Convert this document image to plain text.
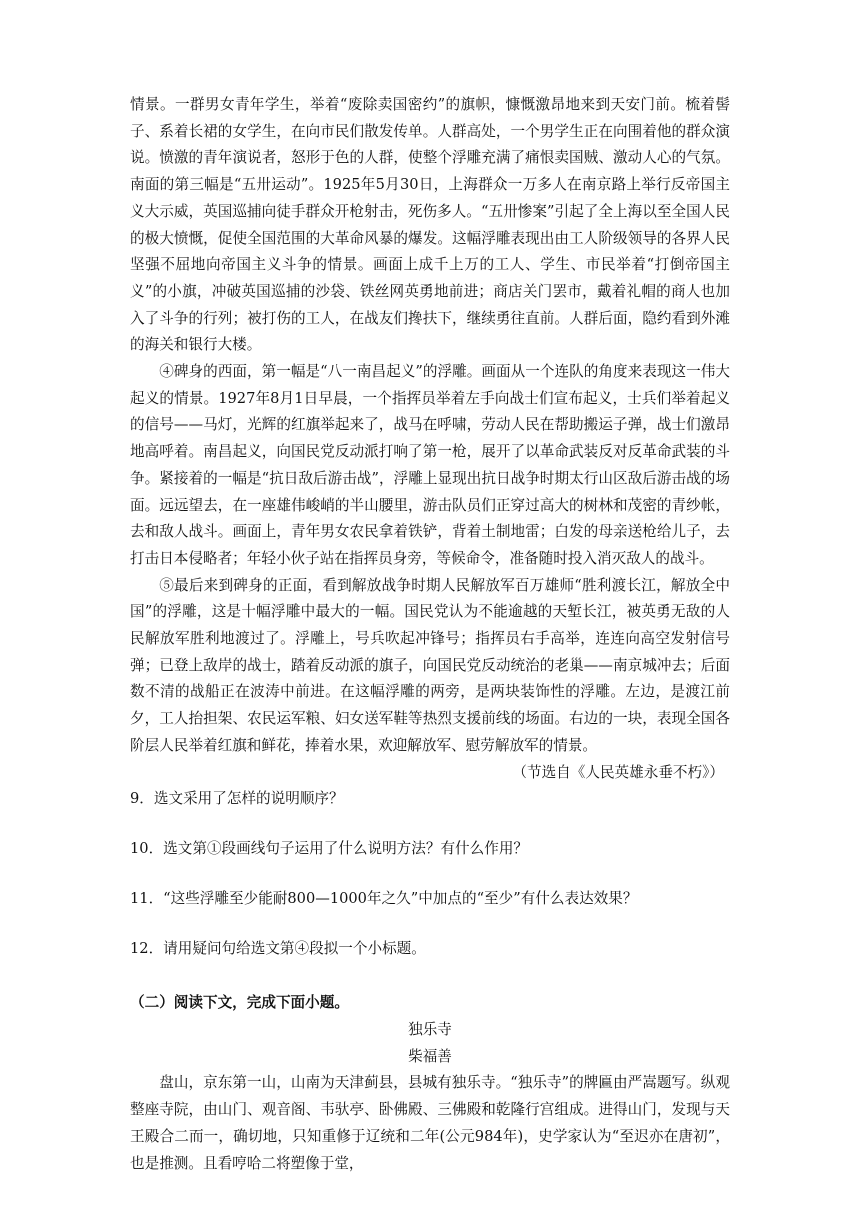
情景。一群男女青年学生，举着“废除卖国密约”的旗帜，慷慨激昂地来到天安门前。梳着髻子、系着长裙的女学生，在向市民们散发传单。人群高处，一个男学生正在向围着他的群众演说。愤激的青年演说者，怒形于色的人群，使整个浮雕充满了痛恨卖国贼、激动人心的气氛。南面的第三幅是“五卅运动”。1925年5月30日，上海群众一万多人在南京路上举行反帝国主义大示威，英国巡捕向徒手群众开枪射击，死伤多人。“五卅惨案”引起了全上海以至全国人民的极大愤慨，促使全国范围的大革命风暴的爆发。这幅浮雕表现出由工人阶级领导的各界人民坚强不屈地向帝国主义斗争的情景。画面上成千上万的工人、学生、市民举着“打倒帝国主义”的小旗，冲破英国巡捕的沙袋、铁丝网英勇地前进；商店关门罢市，戴着礼帽的商人也加入了斗争的行列；被打伤的工人，在战友们搀扶下，继续勇往直前。人群后面，隐约看到外滩的海关和银行大楼。

④碑身的西面，第一幅是“八一南昌起义”的浮雕。画面从一个连队的角度来表现这一伟大起义的情景。1927年8月1日早晨，一个指挥员举着左手向战士们宣布起义，士兵们举着起义的信号——马灯，光辉的红旗举起来了，战马在呼啸，劳动人民在帮助搬运子弹，战士们激昂地高呼着。南昌起义，向国民党反动派打响了第一枪，展开了以革命武装反对反革命武装的斗争。紧接着的一幅是“抗日敌后游击战”，浮雕上显现出抗日战争时期太行山区敌后游击战的场面。远远望去，在一座雄伟峻峭的半山腰里，游击队员们正穿过高大的树林和茂密的青纱帐，去和敌人战斗。画面上，青年男女农民拿着铁铲，背着土制地雷；白发的母亲送枪给儿子，去打击日本侵略者；年轻小伙子站在指挥员身旁，等候命令，准备随时投入消灭敌人的战斗。

⑤最后来到碑身的正面，看到解放战争时期人民解放军百万雄师“胜利渡长江，解放全中国”的浮雕，这是十幅浮雕中最大的一幅。国民党认为不能逾越的天堑长江，被英勇无敌的人民解放军胜利地渡过了。浮雕上，号兵吹起冲锋号；指挥员右手高举，连连向高空发射信号弹；已登上敌岸的战士，踏着反动派的旗子，向国民党反动统治的老巢——南京城冲去；后面数不清的战船正在波涛中前进。在这幅浮雕的两旁，是两块装饰性的浮雕。左边，是渡江前夕，工人抬担架、农民运军粮、妇女送军鞋等热烈支援前线的场面。右边的一块，表现全国各阶层人民举着红旗和鲜花，捧着水果，欢迎解放军、慰劳解放军的情景。

（节选自《人民英雄永垂不朽》）

9．选文采用了怎样的说明顺序？

10．选文第①段画线句子运用了什么说明方法？有什么作用？

11．“这些浮雕至少能耐800—1000年之久”中加点的“至少”有什么表达效果？

12．请用疑问句给选文第④段拟一个小标题。

（二）阅读下文，完成下面小题。

独乐寺

柴福善

盘山，京东第一山，山南为天津蓟县，县城有独乐寺。“独乐寺”的牌匾由严嵩题写。纵观整座寺院，由山门、观音阁、韦驮亭、卧佛殿、三佛殿和乾隆行宫组成。进得山门，发现与天王殿合二而一，确切地，只知重修于辽统和二年(公元984年)，史学家认为“至迟亦在唐初”，也是推测。且看哼哈二将塑像于堂，
